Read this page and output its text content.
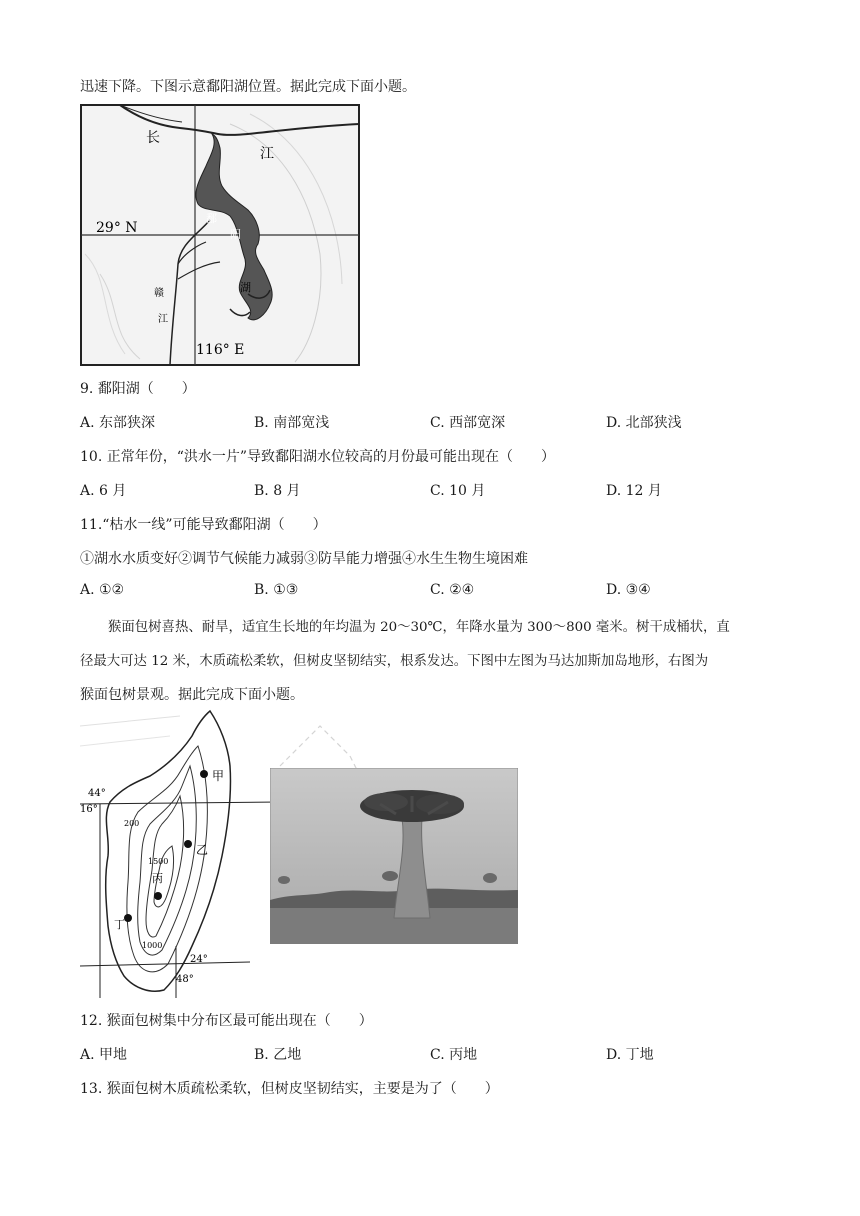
迅速下降。下图示意鄱阳湖位置。据此完成下面小题。
长
江
29° N
116° E
鄱
阳
湖
赣
江
9. 鄱阳湖（　　）
A. 东部狭深	B. 南部宽浅	C. 西部宽深	D. 北部狭浅
10. 正常年份，“洪水一片”导致鄱阳湖水位较高的月份最可能出现在（　　）
A. 6 月	B. 8 月	C. 10 月	D. 12 月
11.“枯水一线”可能导致鄱阳湖（　　）
①湖水水质变好②调节气候能力减弱③防旱能力增强④水生生物生境困难
A. ①②	B. ①③	C. ②④	D. ③④
猴面包树喜热、耐旱，适宜生长地的年均温为 20～30℃，年降水量为 300～800 毫米。树干成桶状，直
径最大可达 12 米，木质疏松柔软，但树皮坚韧结实，根系发达。下图中左图为马达加斯加岛地形，右图为
猴面包树景观。据此完成下面小题。
44°
16°
24°
48°
200
1500
1000
甲
乙
丙
丁
12. 猴面包树集中分布区最可能出现在（　　）
A. 甲地	B. 乙地	C. 丙地	D. 丁地
13. 猴面包树木质疏松柔软，但树皮坚韧结实，主要是为了（　　）
